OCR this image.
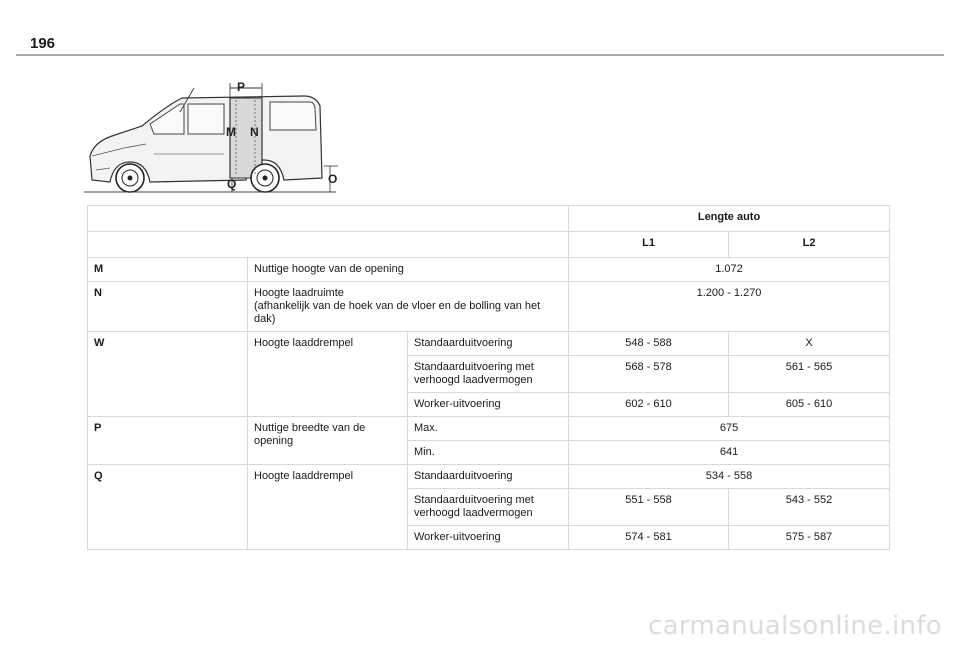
196
P
M N
Q	O
			Lengte auto	
			L1	L2
M	Nuttige hoogte van de opening		1.072	
N	Hoogte laadruimte
(afhankelijk van de hoek van de vloer en de bolling van het dak)		1.200 - 1.270	
W	Hoogte laaddrempel	Standaarduitvoering	548 - 588	X
		Standaarduitvoering met verhoogd laadvermogen	568 - 578	561 - 565
		Worker-uitvoering	602 - 610	605 - 610
P	Nuttige breedte van de opening	Max.	675	
		Min.	641	
Q	Hoogte laaddrempel	Standaarduitvoering	534 - 558	
		Standaarduitvoering met verhoogd laadvermogen	551 - 558	543 - 552
		Worker-uitvoering	574 - 581	575 - 587
carmanualsonline.info
